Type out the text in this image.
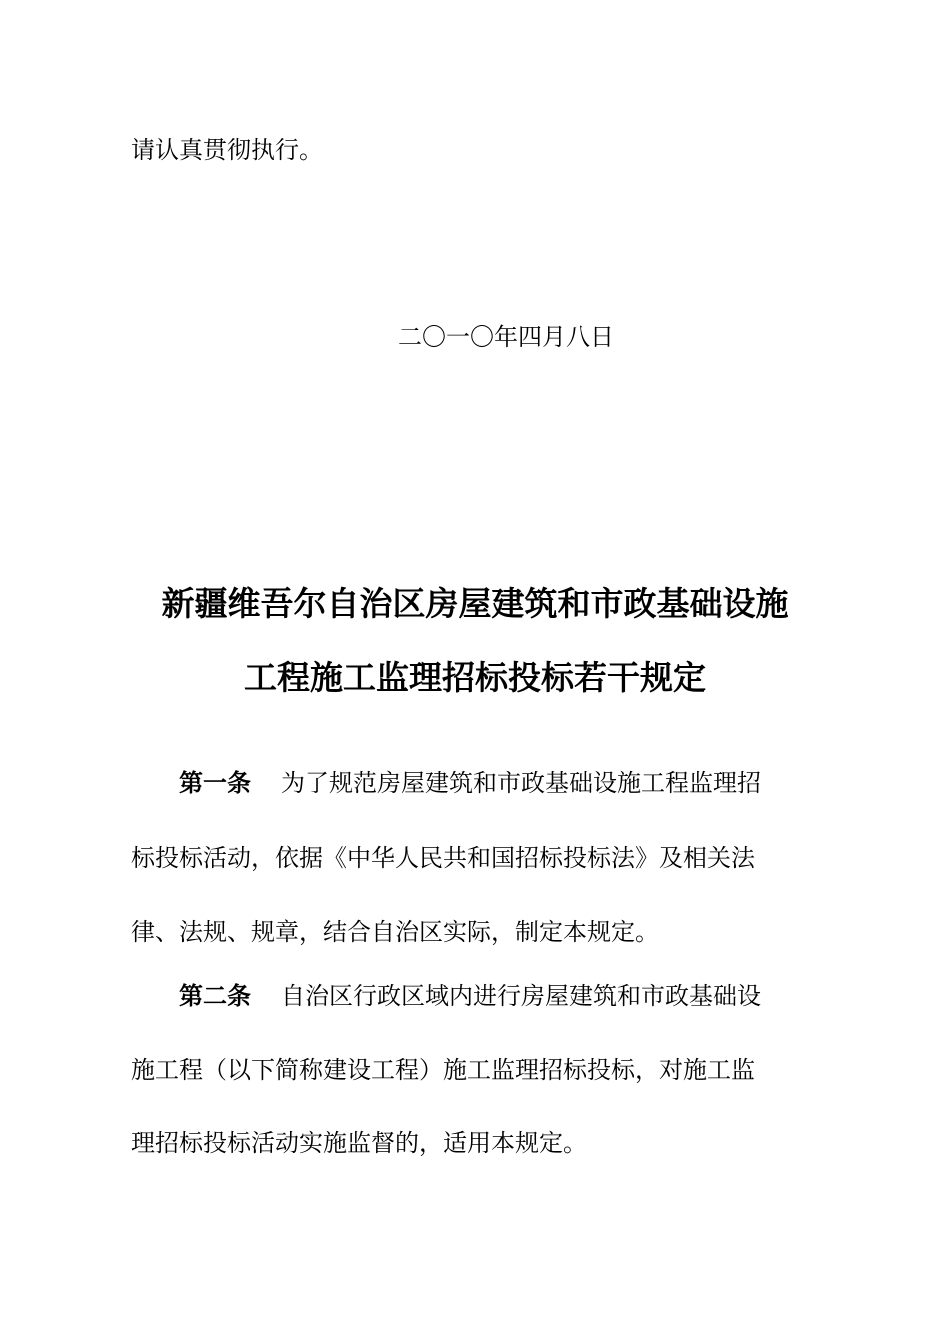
请认真贯彻执行。
二〇一〇年四月八日
新疆维吾尔自治区房屋建筑和市政基础设施
工程施工监理招标投标若干规定
第一条 为了规范房屋建筑和市政基础设施工程监理招
标投标活动，依据《中华人民共和国招标投标法》及相关法
律、法规、规章，结合自治区实际，制定本规定。
第二条 自治区行政区域内进行房屋建筑和市政基础设
施工程（以下简称建设工程）施工监理招标投标，对施工监
理招标投标活动实施监督的，适用本规定。
